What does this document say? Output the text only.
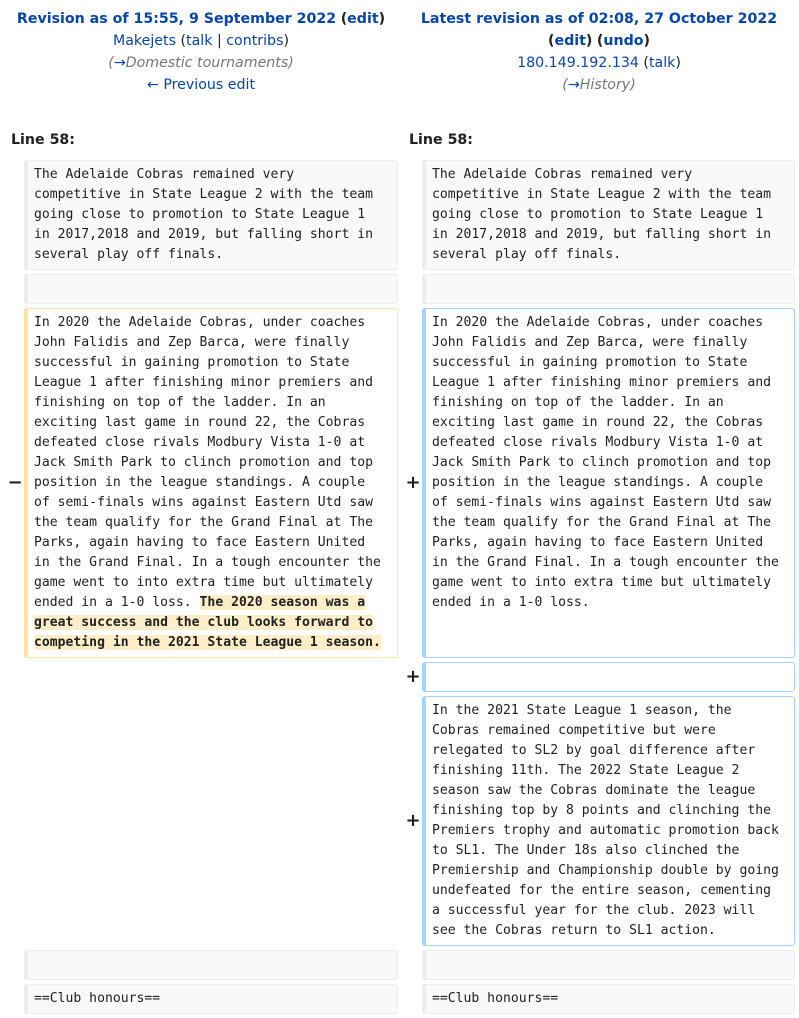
Revision as of 15:55, 9 September 2022 (edit)
Makejets (talk | contribs)
(→Domestic tournaments)
← Previous edit
Latest revision as of 02:08, 27 October 2022
(edit) (undo)
180.149.192.134 (talk)
(→History)
Line 58:	Line 58:
The Adelaide Cobras remained very
competitive in State League 2 with the team
going close to promotion to State League 1
in 2017,2018 and 2019, but falling short in
several play off finals.
The Adelaide Cobras remained very
competitive in State League 2 with the team
going close to promotion to State League 1
in 2017,2018 and 2019, but falling short in
several play off finals.
−
In 2020 the Adelaide Cobras, under coaches
John Falidis and Zep Barca, were finally
successful in gaining promotion to State
League 1 after finishing minor premiers and
finishing on top of the ladder. In an
exciting last game in round 22, the Cobras
defeated close rivals Modbury Vista 1-0 at
Jack Smith Park to clinch promotion and top
position in the league standings. A couple
of semi-finals wins against Eastern Utd saw
the team qualify for the Grand Final at The
Parks, again having to face Eastern United
in the Grand Final. In a tough encounter the
game went to into extra time but ultimately
ended in a 1-0 loss. The 2020 season was a
great success and the club looks forward to
competing in the 2021 State League 1 season.
+
In 2020 the Adelaide Cobras, under coaches
John Falidis and Zep Barca, were finally
successful in gaining promotion to State
League 1 after finishing minor premiers and
finishing on top of the ladder. In an
exciting last game in round 22, the Cobras
defeated close rivals Modbury Vista 1-0 at
Jack Smith Park to clinch promotion and top
position in the league standings. A couple
of semi-finals wins against Eastern Utd saw
the team qualify for the Grand Final at The
Parks, again having to face Eastern United
in the Grand Final. In a tough encounter the
game went to into extra time but ultimately
ended in a 1-0 loss.
+
+
In the 2021 State League 1 season, the
Cobras remained competitive but were
relegated to SL2 by goal difference after
finishing 11th. The 2022 State League 2
season saw the Cobras dominate the league
finishing top by 8 points and clinching the
Premiers trophy and automatic promotion back
to SL1. The Under 18s also clinched the
Premiership and Championship double by going
undefeated for the entire season, cementing
a successful year for the club. 2023 will
see the Cobras return to SL1 action.
==Club honours==	==Club honours==
